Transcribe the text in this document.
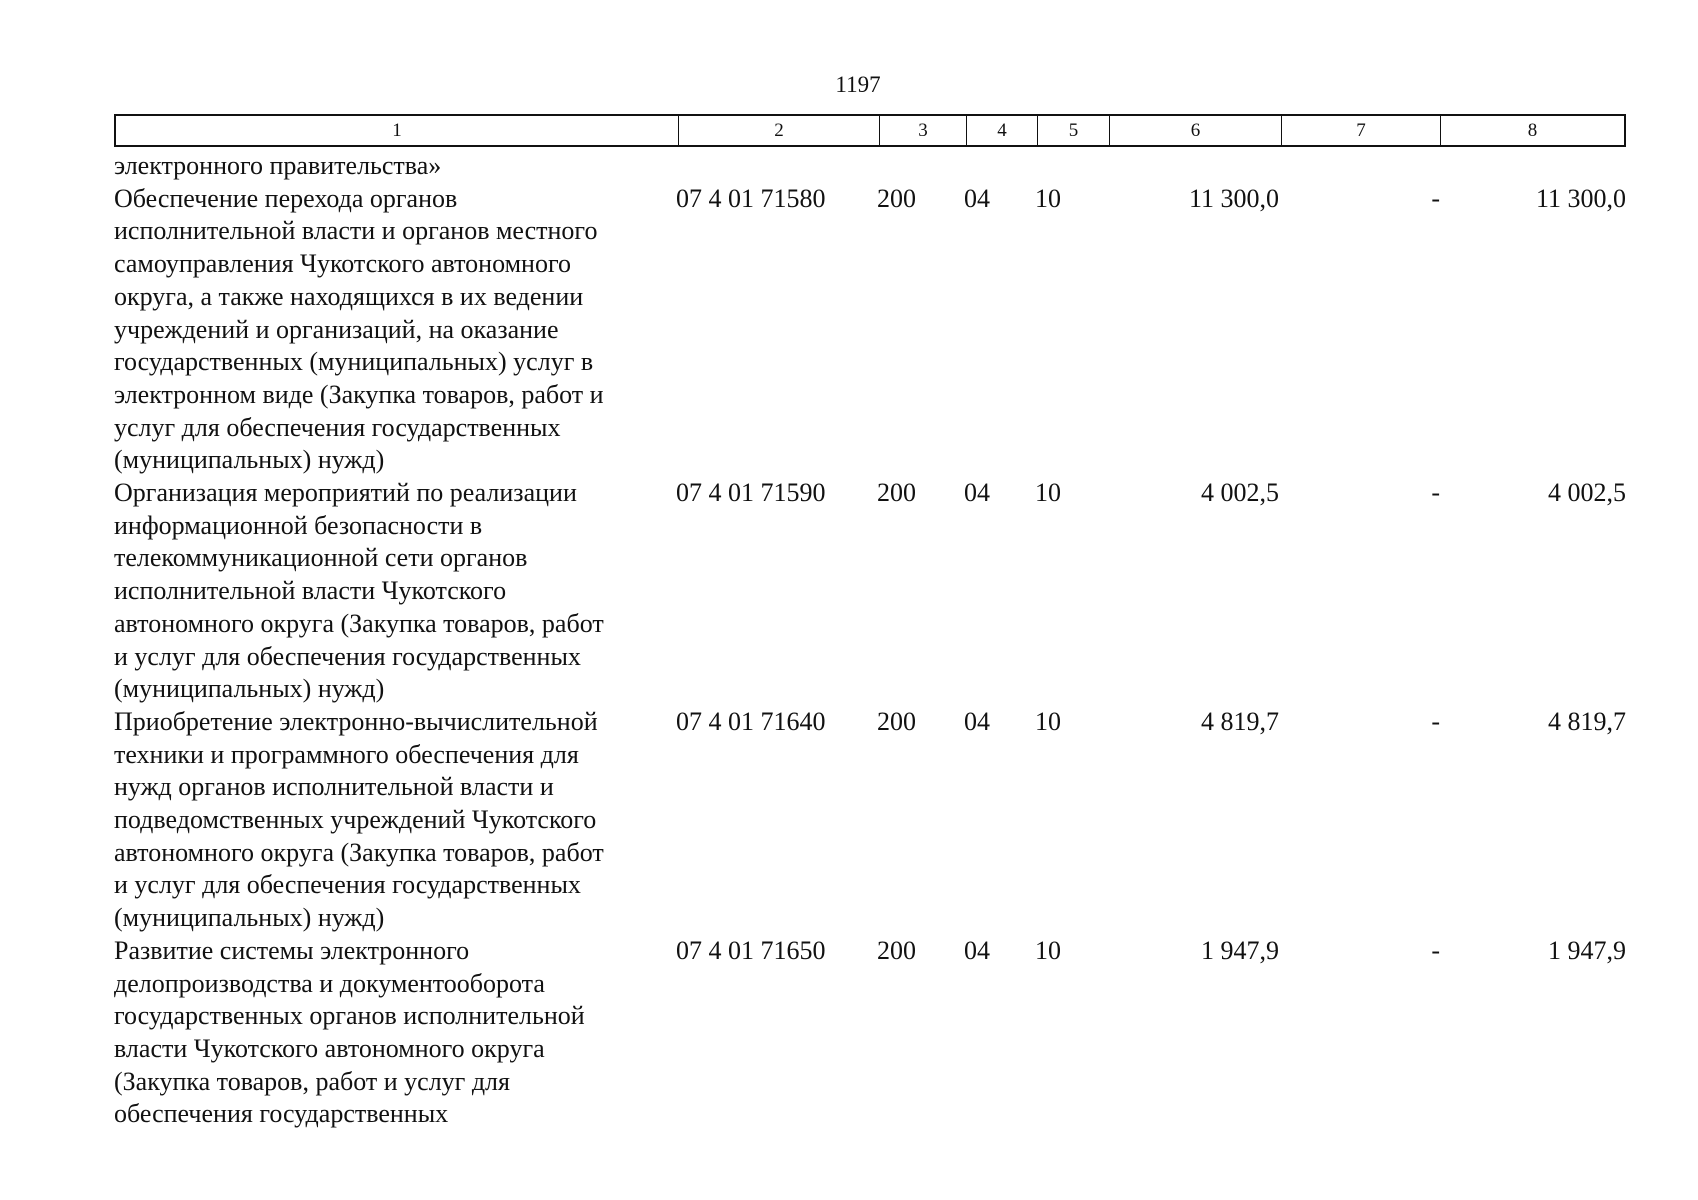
1197
1	2	3	4	5	6	7	8
электронного правительства»
Обеспечение перехода органов
исполнительной власти и органов местного
самоуправления Чукотского автономного
округа, а также находящихся в их ведении
учреждений и организаций, на оказание
государственных (муниципальных) услуг в
электронном виде (Закупка товаров, работ и
услуг для обеспечения государственных
(муниципальных) нужд)
07 4 01 71580	200	04	10	11 300,0	-	11 300,0
Организация мероприятий по реализации
информационной безопасности в
телекоммуникационной сети органов
исполнительной власти Чукотского
автономного округа (Закупка товаров, работ
и услуг для обеспечения государственных
(муниципальных) нужд)
07 4 01 71590	200	04	10	4 002,5	-	4 002,5
Приобретение электронно-вычислительной
техники и программного обеспечения для
нужд органов исполнительной власти и
подведомственных учреждений Чукотского
автономного округа (Закупка товаров, работ
и услуг для обеспечения государственных
(муниципальных) нужд)
07 4 01 71640	200	04	10	4 819,7	-	4 819,7
Развитие системы электронного
делопроизводства и документооборота
государственных органов исполнительной
власти Чукотского автономного округа
(Закупка товаров, работ и услуг для
обеспечения государственных
07 4 01 71650	200	04	10	1 947,9	-	1 947,9
